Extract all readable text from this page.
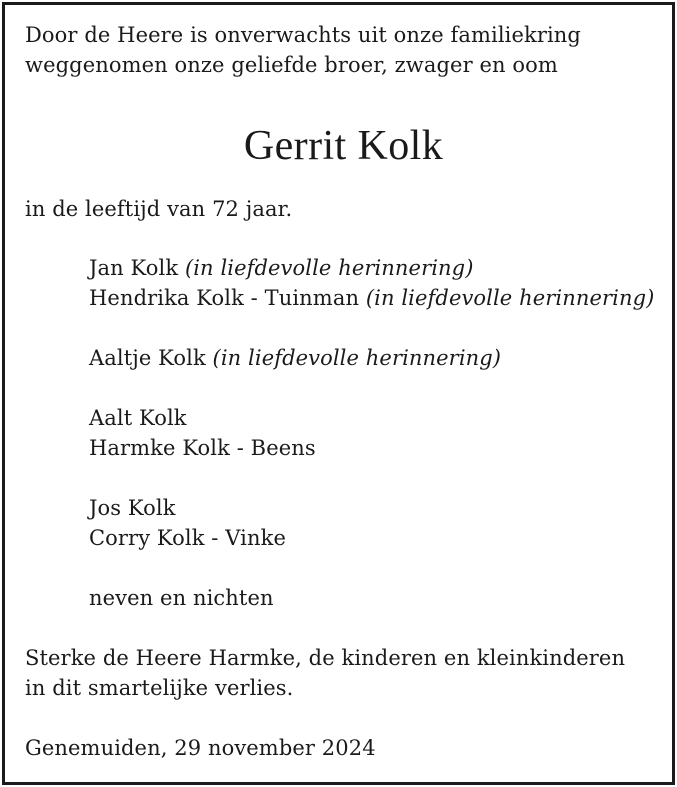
Door de Heere is onverwachts uit onze familiekring
weggenomen onze geliefde broer, zwager en oom
Gerrit Kolk
in de leeftijd van 72 jaar.
Jan Kolk (in liefdevolle herinnering)
Hendrika Kolk - Tuinman (in liefdevolle herinnering)
Aaltje Kolk (in liefdevolle herinnering)
Aalt Kolk
Harmke Kolk - Beens
Jos Kolk
Corry Kolk - Vinke
neven en nichten
Sterke de Heere Harmke, de kinderen en kleinkinderen
in dit smartelijke verlies.
Genemuiden, 29 november 2024
